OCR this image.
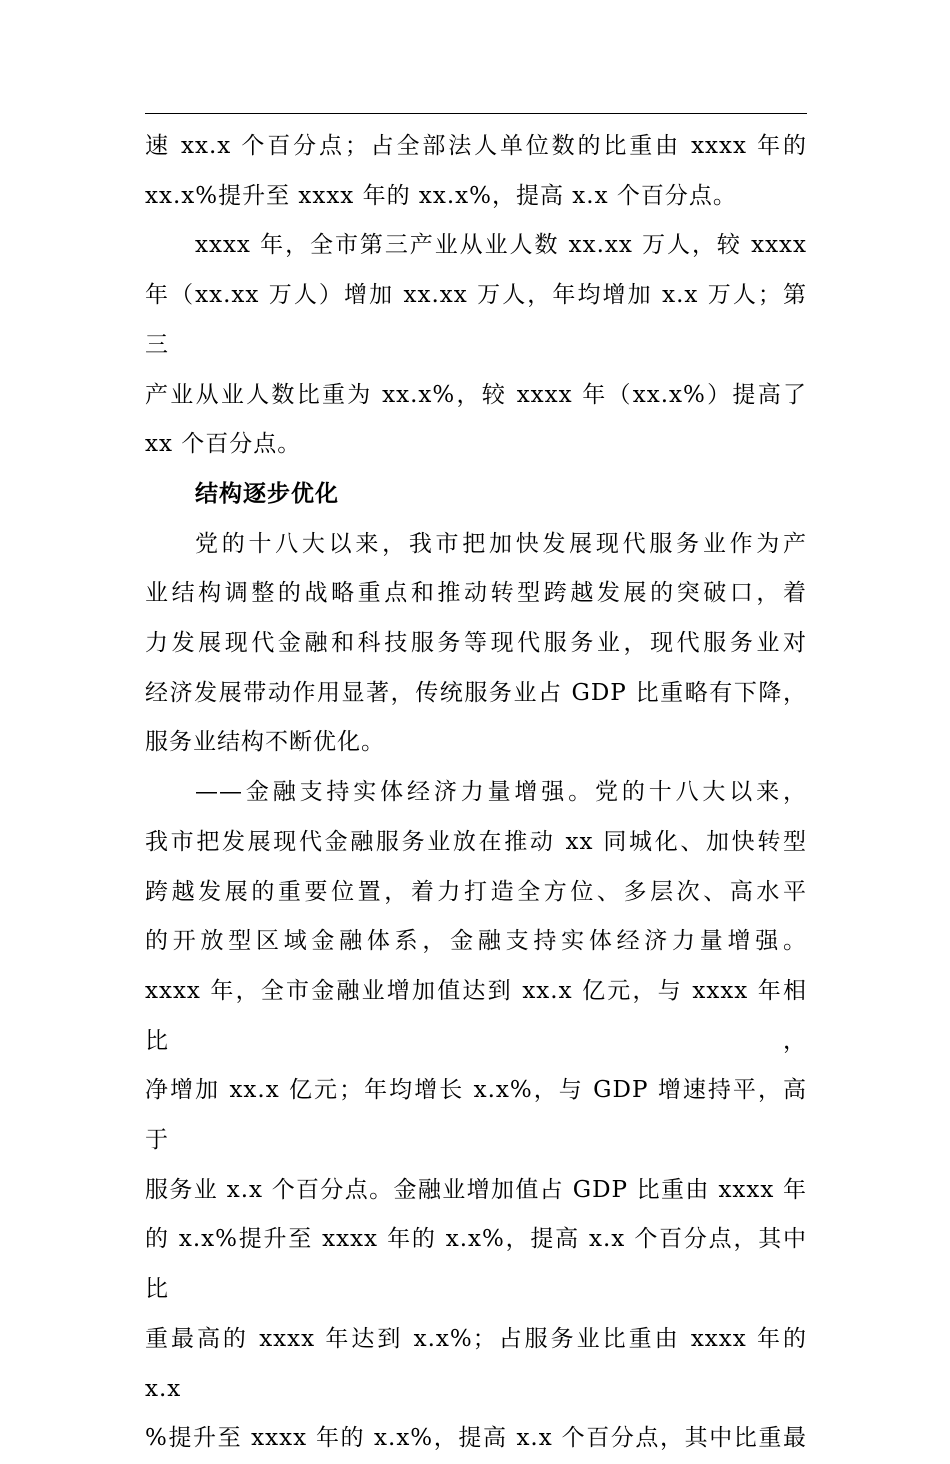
速 xx.x 个百分点；占全部法人单位数的比重由 xxxx 年的

xx.x%提升至 xxxx 年的 xx.x%，提高 x.x 个百分点。

xxxx 年，全市第三产业从业人数 xx.xx 万人，较 xxxx

年（xx.xx 万人）增加 xx.xx 万人，年均增加 x.x 万人；第三

产业从业人数比重为 xx.x%，较 xxxx 年（xx.x%）提高了

xx 个百分点。

结构逐步优化

党的十八大以来，我市把加快发展现代服务业作为产

业结构调整的战略重点和推动转型跨越发展的突破口，着

力发展现代金融和科技服务等现代服务业，现代服务业对

经济发展带动作用显著，传统服务业占 GDP 比重略有下降，

服务业结构不断优化。

——金融支持实体经济力量增强。党的十八大以来，

我市把发展现代金融服务业放在推动 xx 同城化、加快转型

跨越发展的重要位置，着力打造全方位、多层次、高水平

的开放型区域金融体系，金融支持实体经济力量增强。

xxxx 年，全市金融业增加值达到 xx.x 亿元，与 xxxx 年相比，

净增加 xx.x 亿元；年均增长 x.x%，与 GDP 增速持平，高于

服务业 x.x 个百分点。金融业增加值占 GDP 比重由 xxxx 年

的 x.x%提升至 xxxx 年的 x.x%，提高 x.x 个百分点，其中比

重最高的 xxxx 年达到 x.x%；占服务业比重由 xxxx 年的 x.x

%提升至 xxxx 年的 x.x%，提高 x.x 个百分点，其中比重最
